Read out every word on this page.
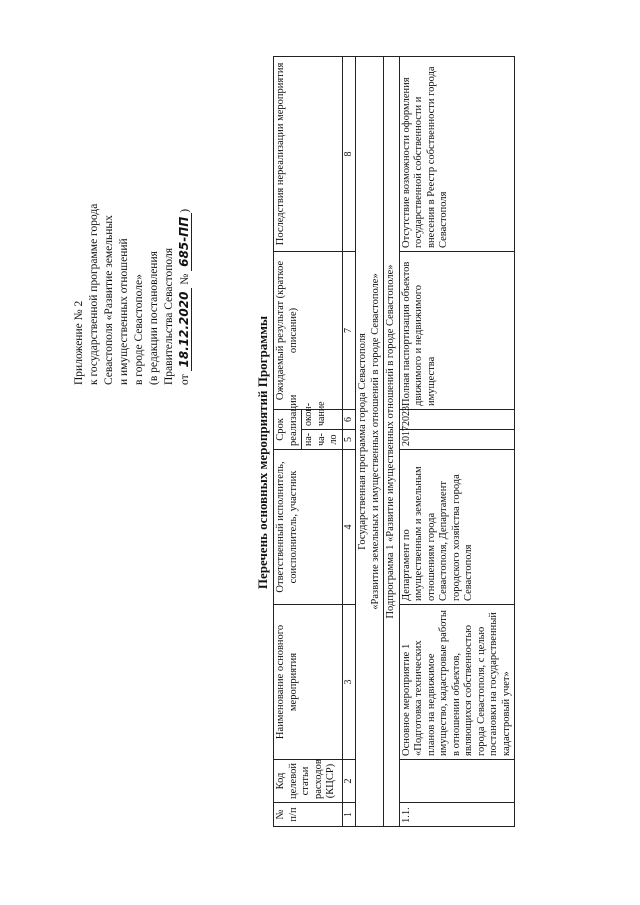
Приложение № 2 к государственной программе города Севастополя «Развитие земельных и имущественных отношений в городе Севастополе» (в редакции постановления Правительства Севастополя от 18.12.2020 № 685-ПП)
Перечень основных мероприятий Программы
№ п/п	Код целевой статьи расходов (КЦСР)	Наименование основного мероприятия	Ответственный исполнитель, соисполнитель, участник	Срок реализации		Ожидаемый результат (краткое описание)	Последствия нереализации мероприятия
				на-ча-ло	окон-чание		
1	2	3	4	5	6	7	8

Государственная программа города Севастополя «Развитие земельных и имущественных отношений в городе Севастополе»							

Подпрограмма 1 «Развитие имущественных отношений в городе Севастополе»							
1.1.		Основное мероприятие 1 «Подготовка технических планов на недвижимое имущество, кадастровые работы в отношении объектов, являющихся собственностью города Севастополя, с целью постановки на государственный кадастровый учет»	Департамент по имущественным и земельным отношениям города Севастополя, Департамент городского хозяйства города Севастополя	2017	2023	Полная паспортизация объектов движимого и недвижимого имущества	Отсутствие возможности оформления государственной собственности и внесения в Реестр собственности города Севастополя
